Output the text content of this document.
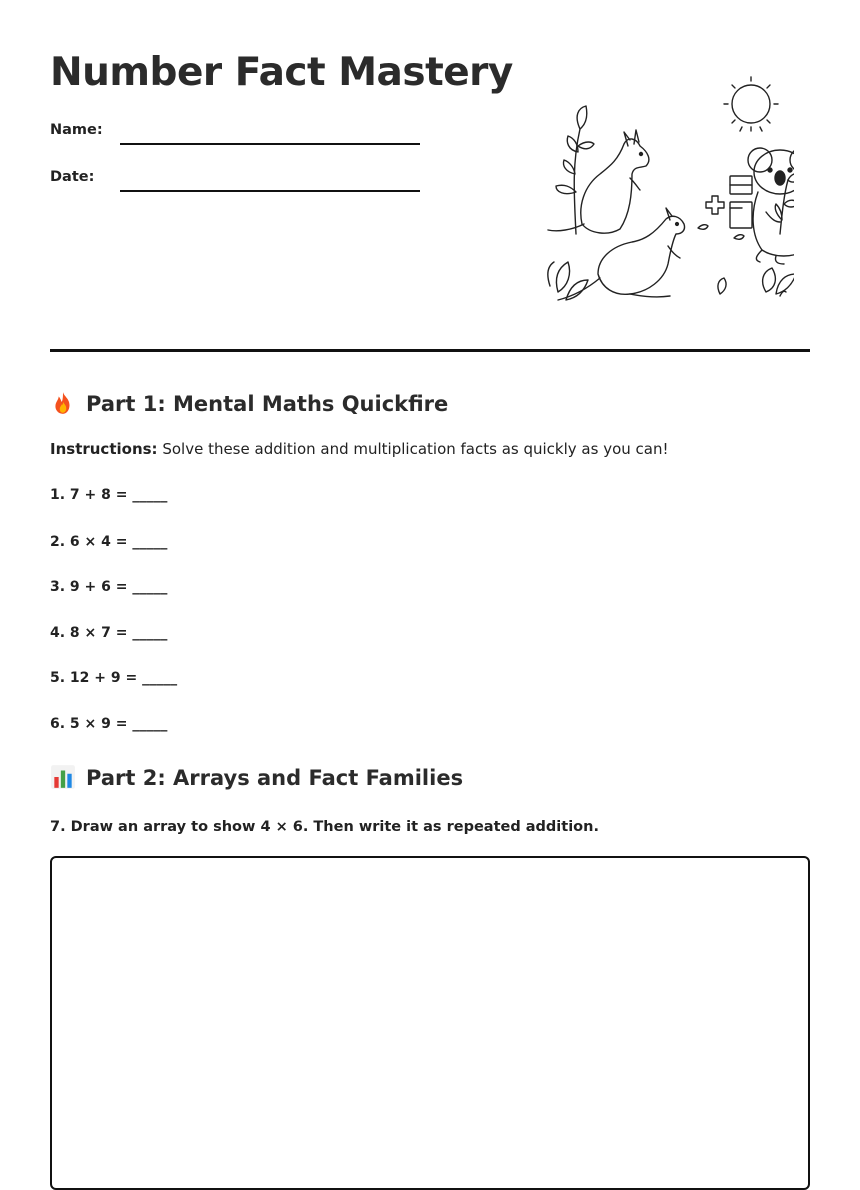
Number Fact Mastery
Name:
Date:
Part 1: Mental Maths Quickfire
Instructions: Solve these addition and multiplication facts as quickly as you can!
1. 7 + 8 = _____
2. 6 × 4 = _____
3. 9 + 6 = _____
4. 8 × 7 = _____
5. 12 + 9 = _____
6. 5 × 9 = _____
Part 2: Arrays and Fact Families
7. Draw an array to show 4 × 6. Then write it as repeated addition.
